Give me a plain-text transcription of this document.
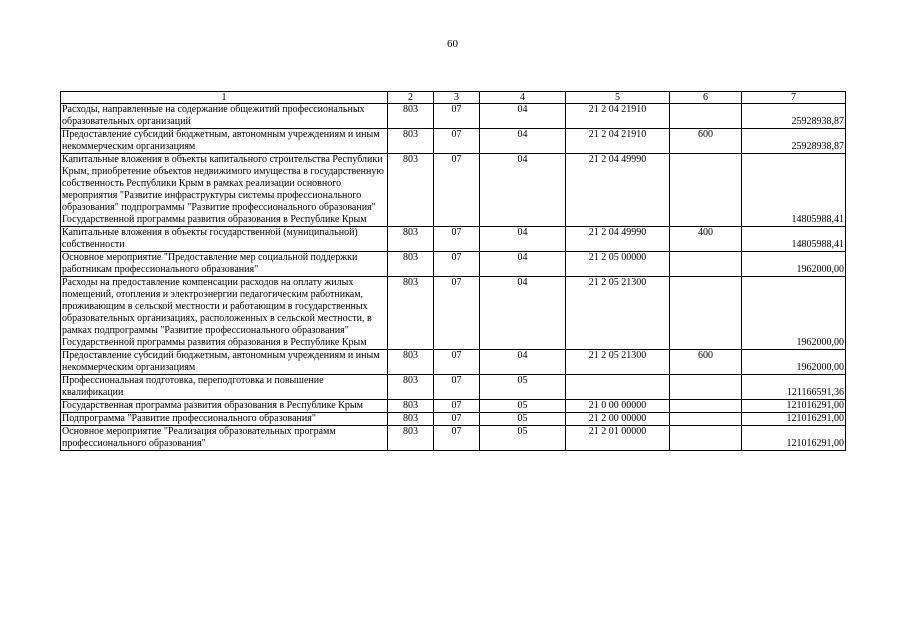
60
1	2	3	4	5	6	7
Расходы, направленные на содержание общежитий профессиональных образовательных организаций	803	07	04	21 2 04 21910		25928938,87
Предоставление субсидий бюджетным, автономным учреждениям и иным некоммерческим организациям	803	07	04	21 2 04 21910	600	25928938,87
Капитальные вложения в объекты капитального строительства Республики Крым, приобретение объектов недвижимого имущества в государственную собственность Республики Крым в рамках реализации основного мероприятия "Развитие инфраструктуры системы профессионального образования" подпрограммы "Развитие профессионального образования" Государственной программы развития образования в Республике Крым	803	07	04	21 2 04 49990		14805988,41
Капитальные вложения в объекты государственной (муниципальной) собственности	803	07	04	21 2 04 49990	400	14805988,41
Основное мероприятие "Предоставление мер социальной поддержки работникам профессионального образования"	803	07	04	21 2 05 00000		1962000,00
Расходы на предоставление компенсации расходов на оплату жилых помещений, отопления и электроэнергии педагогическим работникам, проживающим в сельской местности и работающим в государственных образовательных организациях, расположенных в сельской местности, в рамках подпрограммы "Развитие профессионального образования" Государственной программы развития образования в Республике Крым	803	07	04	21 2 05 21300		1962000,00
Предоставление субсидий бюджетным, автономным учреждениям и иным некоммерческим организациям	803	07	04	21 2 05 21300	600	1962000,00
Профессиональная подготовка, переподготовка и повышение квалификации	803	07	05			121166591,36
Государственная программа развития образования в Республике Крым	803	07	05	21 0 00 00000		121016291,00
Подпрограмма "Развитие профессионального образования"	803	07	05	21 2 00 00000		121016291,00
Основное мероприятие "Реализация образовательных программ профессионального образования"	803	07	05	21 2 01 00000		121016291,00
